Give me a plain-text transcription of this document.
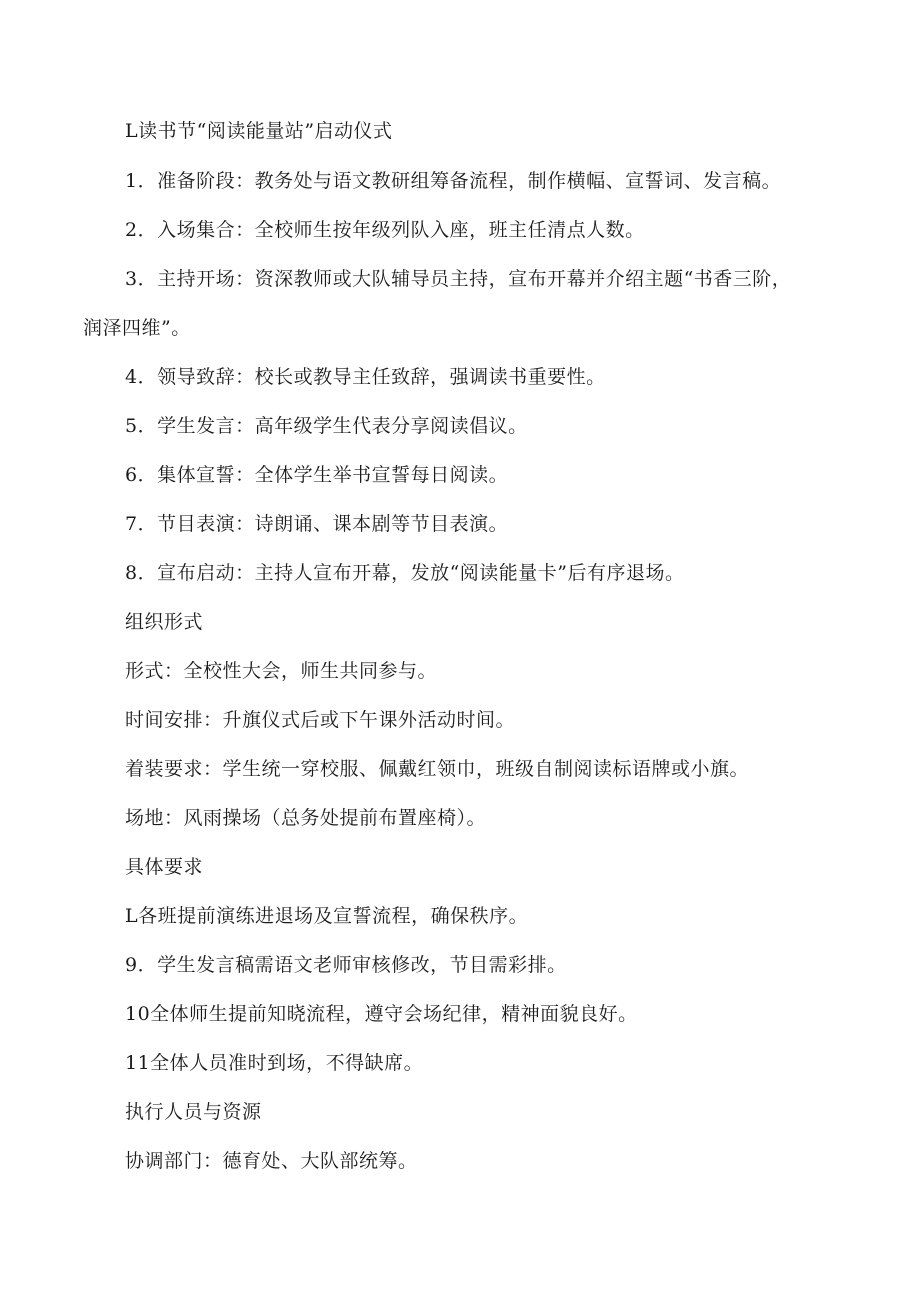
L读书节“阅读能量站”启动仪式
1．准备阶段：教务处与语文教研组筹备流程，制作横幅、宣誓词、发言稿。
2．入场集合：全校师生按年级列队入座，班主任清点人数。
3．主持开场：资深教师或大队辅导员主持，宣布开幕并介绍主题“书香三阶，
润泽四维”。
4．领导致辞：校长或教导主任致辞，强调读书重要性。
5．学生发言：高年级学生代表分享阅读倡议。
6．集体宣誓：全体学生举书宣誓每日阅读。
7．节目表演：诗朗诵、课本剧等节目表演。
8．宣布启动：主持人宣布开幕，发放“阅读能量卡”后有序退场。
组织形式
形式：全校性大会，师生共同参与。
时间安排：升旗仪式后或下午课外活动时间。
着装要求：学生统一穿校服、佩戴红领巾，班级自制阅读标语牌或小旗。
场地：风雨操场（总务处提前布置座椅）。
具体要求
L各班提前演练进退场及宣誓流程，确保秩序。
9．学生发言稿需语文老师审核修改，节目需彩排。
10全体师生提前知晓流程，遵守会场纪律，精神面貌良好。
11全体人员准时到场，不得缺席。
执行人员与资源
协调部门：德育处、大队部统筹。
